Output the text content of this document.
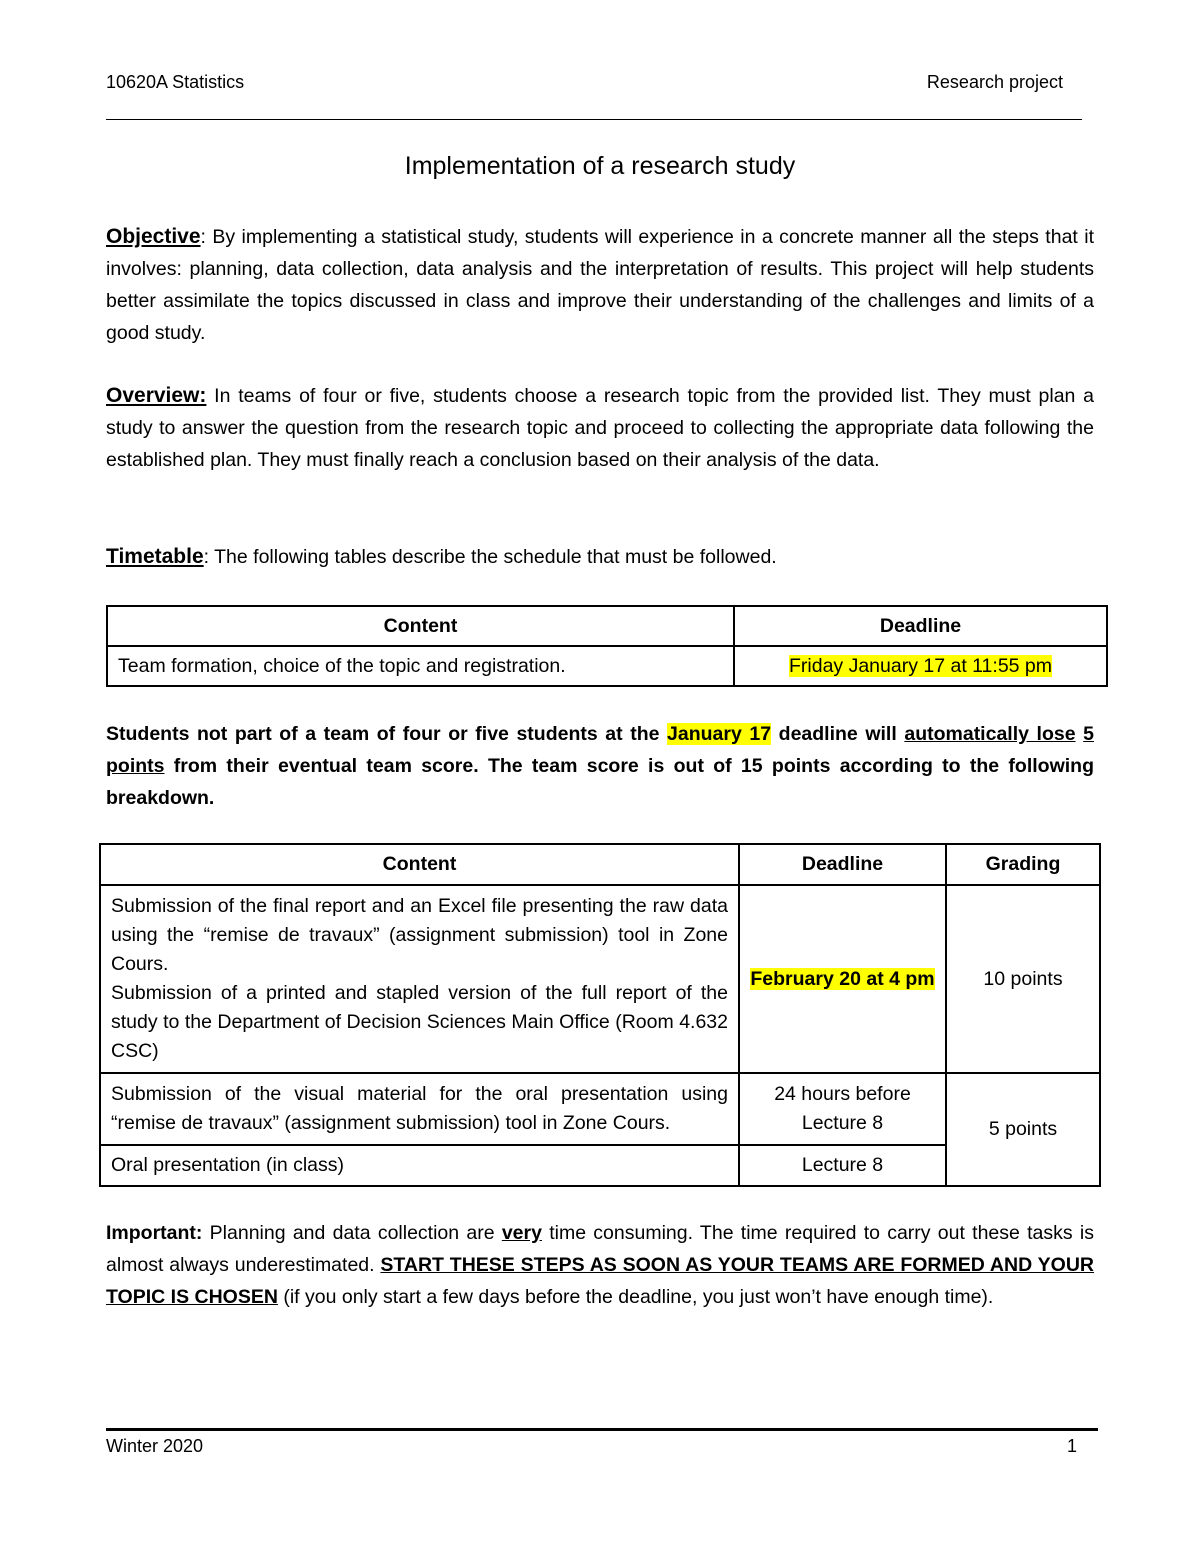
10620A Statistics	Research project
Implementation of a research study
Objective: By implementing a statistical study, students will experience in a concrete manner all the steps that it involves: planning, data collection, data analysis and the interpretation of results. This project will help students better assimilate the topics discussed in class and improve their understanding of the challenges and limits of a good study.
Overview: In teams of four or five, students choose a research topic from the provided list. They must plan a study to answer the question from the research topic and proceed to collecting the appropriate data following the established plan. They must finally reach a conclusion based on their analysis of the data.
Timetable: The following tables describe the schedule that must be followed.
Content	Deadline
Team formation, choice of the topic and registration.	Friday January 17 at 11:55 pm
Students not part of a team of four or five students at the January 17 deadline will automatically lose 5 points from their eventual team score. The team score is out of 15 points according to the following breakdown.
Content	Deadline	Grading

Submission of the final report and an Excel file presenting the raw data using the “remise de travaux” (assignment submission) tool in Zone Cours.
Submission of a printed and stapled version of the full report of the study to the Department of Decision Sciences Main Office (Room 4.632 CSC)	February 20 at 4 pm	10 points
Submission of the visual material for the oral presentation using “remise de travaux” (assignment submission) tool in Zone Cours.	24 hours before Lecture 8	5 points
Oral presentation (in class)	Lecture 8	
Important: Planning and data collection are very time consuming. The time required to carry out these tasks is almost always underestimated. START THESE STEPS AS SOON AS YOUR TEAMS ARE FORMED AND YOUR TOPIC IS CHOSEN (if you only start a few days before the deadline, you just won’t have enough time).
Winter 2020	1
